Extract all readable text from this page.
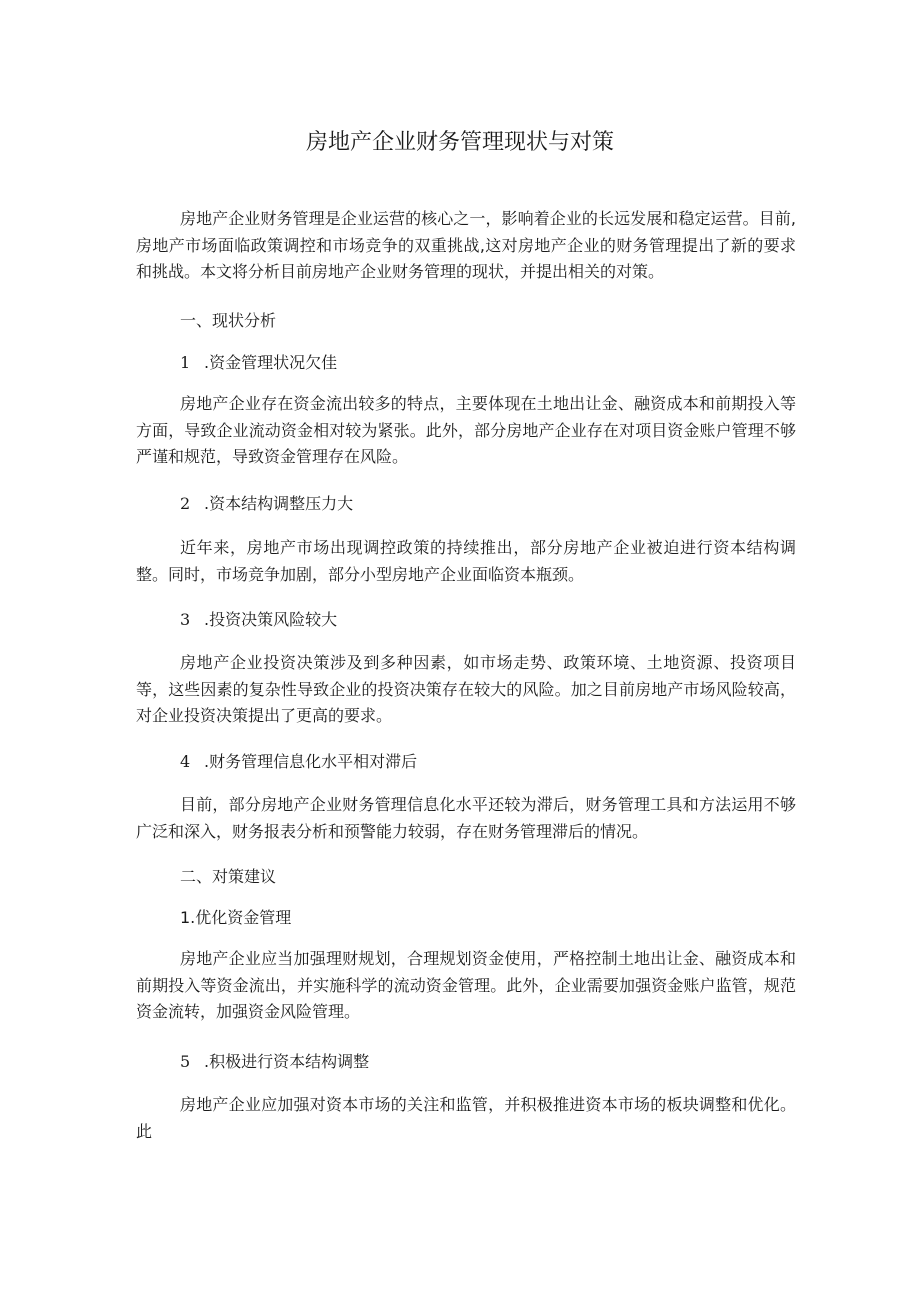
房地产企业财务管理现状与对策

房地产企业财务管理是企业运营的核心之一，影响着企业的长远发展和稳定运营。目前,房地产市场面临政策调控和市场竞争的双重挑战,这对房地产企业的财务管理提出了新的要求和挑战。本文将分析目前房地产企业财务管理的现状，并提出相关的对策。

一、现状分析
1 .资金管理状况欠佳

房地产企业存在资金流出较多的特点，主要体现在土地出让金、融资成本和前期投入等方面，导致企业流动资金相对较为紧张。此外，部分房地产企业存在对项目资金账户管理不够严谨和规范，导致资金管理存在风险。

2 .资本结构调整压力大

近年来，房地产市场出现调控政策的持续推出，部分房地产企业被迫进行资本结构调整。同时，市场竞争加剧，部分小型房地产企业面临资本瓶颈。

3 .投资决策风险较大

房地产企业投资决策涉及到多种因素，如市场走势、政策环境、土地资源、投资项目等，这些因素的复杂性导致企业的投资决策存在较大的风险。加之目前房地产市场风险较高，对企业投资决策提出了更高的要求。

4 .财务管理信息化水平相对滞后

目前，部分房地产企业财务管理信息化水平还较为滞后，财务管理工具和方法运用不够广泛和深入，财务报表分析和预警能力较弱，存在财务管理滞后的情况。

二、对策建议
1.优化资金管理

房地产企业应当加强理财规划，合理规划资金使用，严格控制土地出让金、融资成本和前期投入等资金流出，并实施科学的流动资金管理。此外，企业需要加强资金账户监管，规范资金流转，加强资金风险管理。

5 .积极进行资本结构调整

房地产企业应加强对资本市场的关注和监管，并积极推进资本市场的板块调整和优化。此
